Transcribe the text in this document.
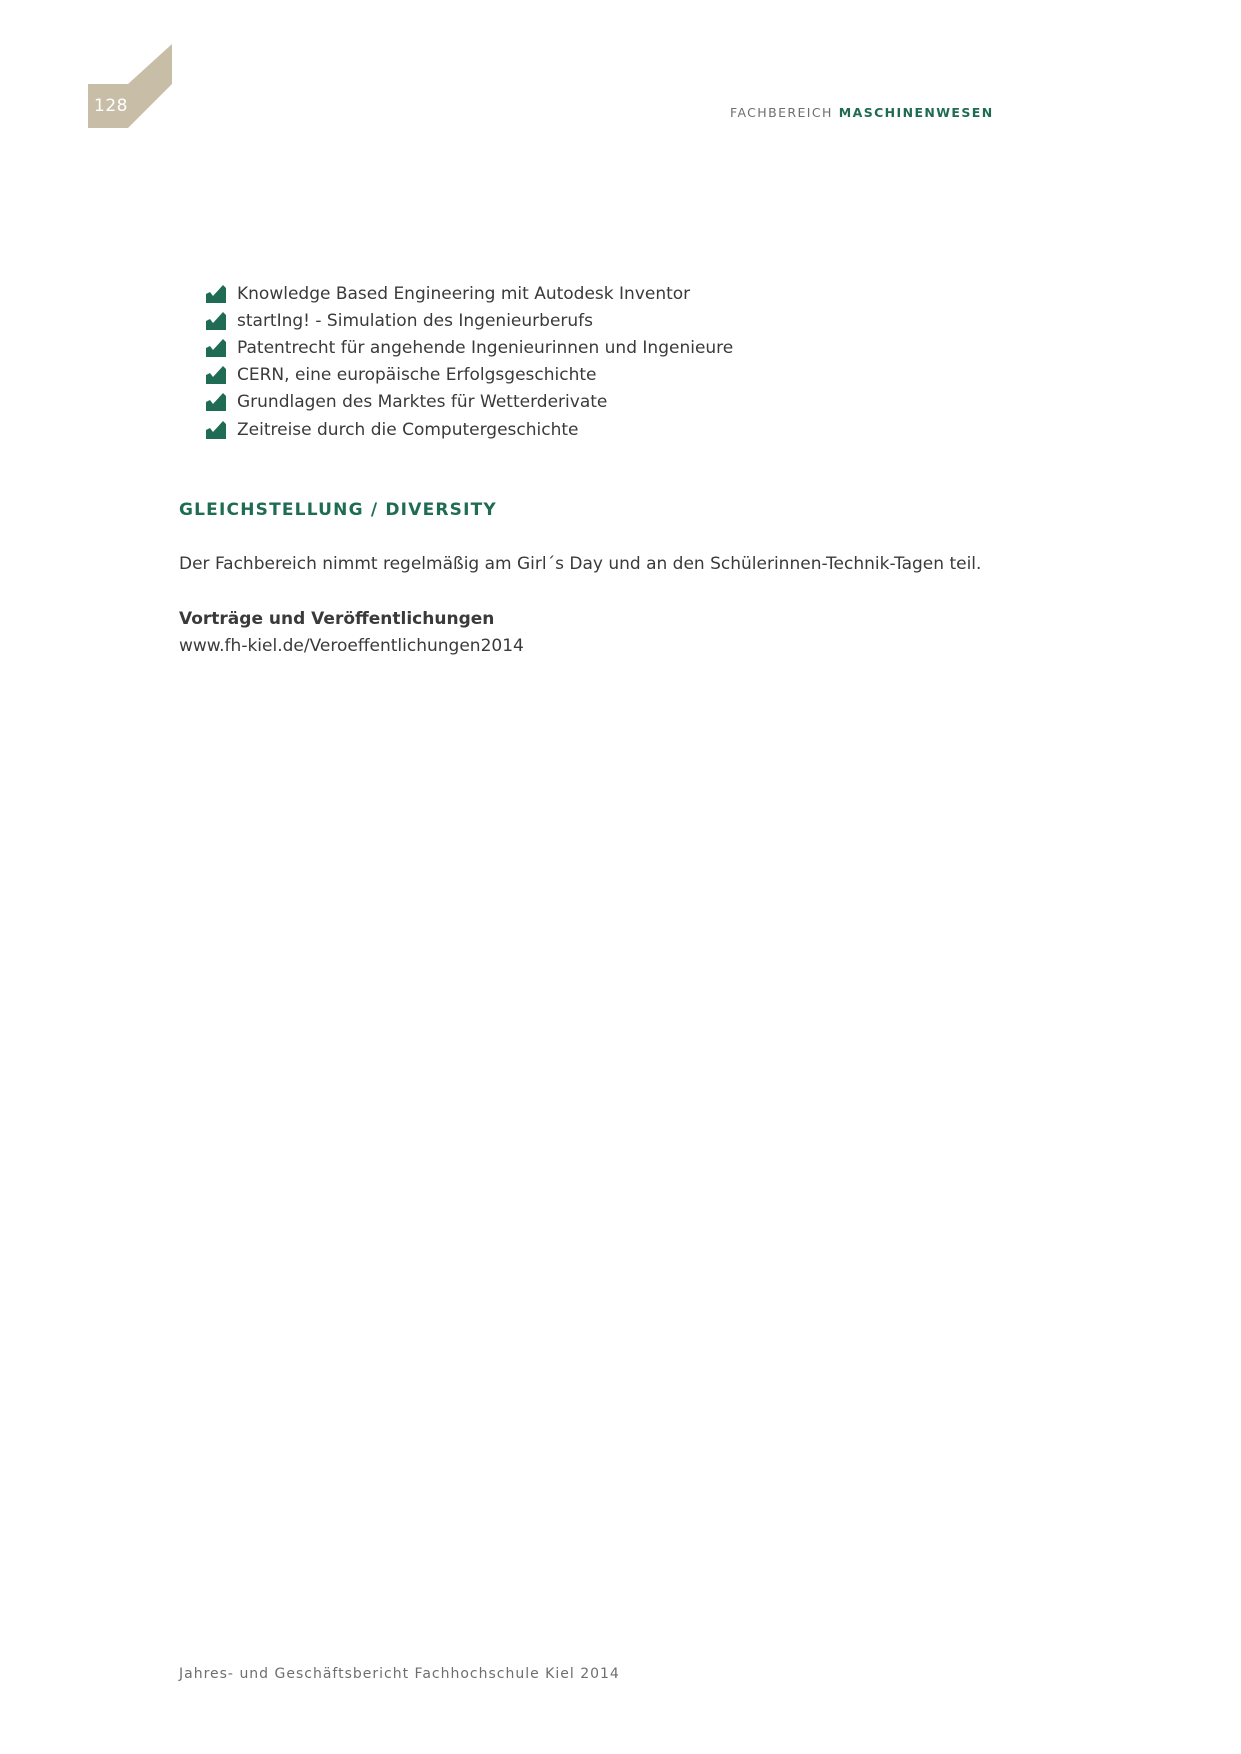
128	FACHBEREICH MASCHINENWESEN
Knowledge Based Engineering mit Autodesk Inventor
startIng! - Simulation des Ingenieurberufs
Patentrecht für angehende Ingenieurinnen und Ingenieure
CERN, eine europäische Erfolgsgeschichte
Grundlagen des Marktes für Wetterderivate
Zeitreise durch die Computergeschichte
GLEICHSTELLUNG / DIVERSITY

Der Fachbereich nimmt regelmäßig am Girl´s Day und an den Schülerinnen-Technik-Tagen teil.

Vorträge und Veröffentlichungen

www.fh-kiel.de/Veroeffentlichungen2014
Jahres- und Geschäftsbericht Fachhochschule Kiel 2014
